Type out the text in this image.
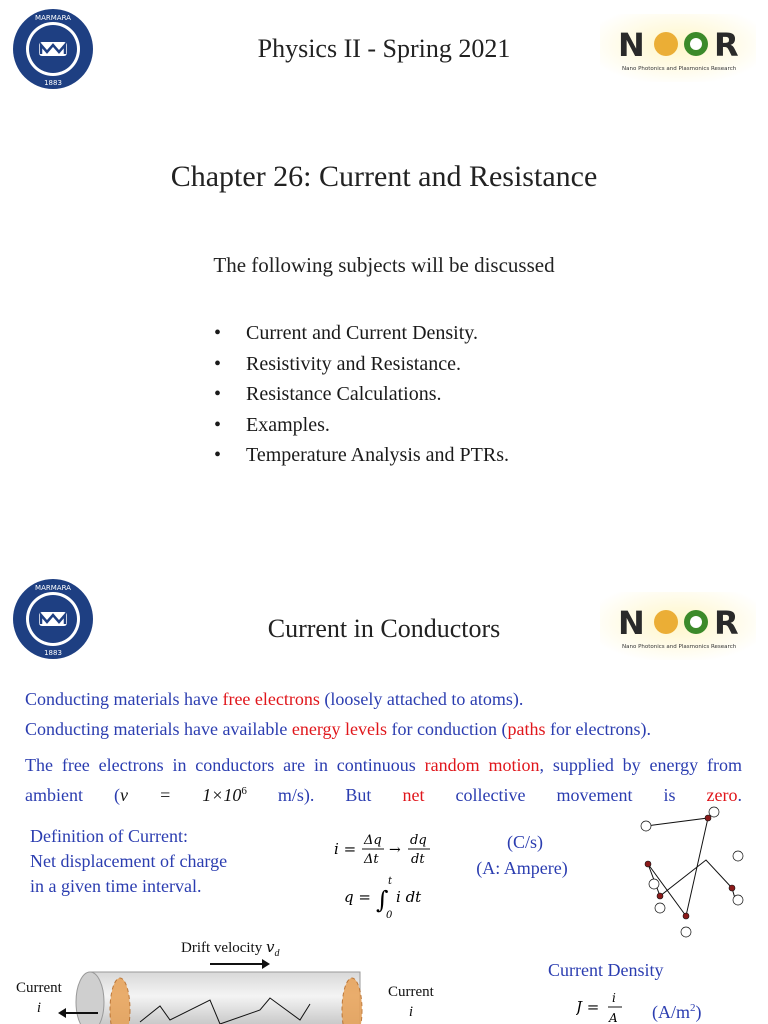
MARMARA
1883
Physics II - Spring 2021	N R
Nano Photonics and Plasmonics Research
Chapter 26: Current and Resistance
The following subjects will be discussed
• Current and Current Density.
• Resistivity and Resistance.
• Resistance Calculations.
• Examples.
• Temperature Analysis and PTRs.
MARMARA
1883
Current in Conductors	N R
Nano Photonics and Plasmonics Research
Conducting materials have free electrons (loosely attached to atoms).
Conducting materials have available energy levels for conduction (paths for electrons).
The free electrons in conductors are in continuous random motion, supplied by energy from ambient ($v = 1\times 10^6$ m/s). But net collective movement is zero.
Definition of Current:
Net displacement of charge
in a given time interval.
i = Δq
Δt
→
dq
dt
q = ∫
t
0
i dt
(C/s)
(A: Ampere)
Drift velocity $v_d$
Current
i
Current
i
Current Density
J = i
A $(A/m^2)$
